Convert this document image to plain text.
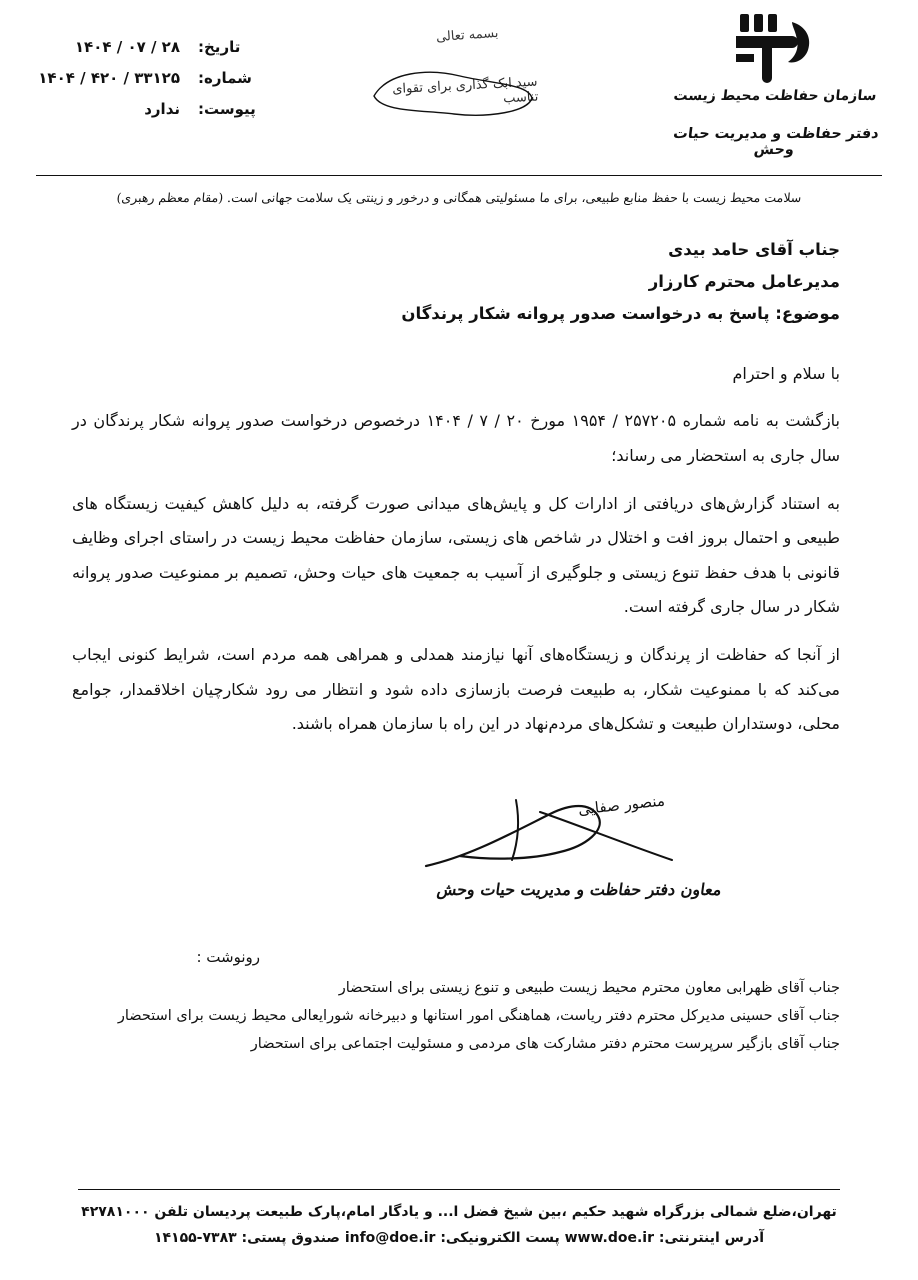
سازمان حفاظت محیط زیست
دفتر حفاظت و مدیریت حیات وحش
بسمه تعالی
سید ابک گذاری برای تقوای تناسب
تاریخ:
۱۴۰۴ / ۰۷ / ۲۸
شماره:
۱۴۰۴ / ۴۲۰ / ۳۳۱۲۵
پیوست:
ندارد
سلامت محیط زیست با حفظ منابع طبیعی، برای ما مسئولیتی همگانی و درخور و زینتی یک سلامت جهانی است. (مقام معظم رهبری)
جناب آقای حامد بیدی
مدیرعامل محترم کارزار
موضوع: پاسخ به درخواست صدور پروانه شکار پرندگان
با سلام و احترام
بازگشت به نامه شماره ۲۵۷۲۰۵ / ۱۹۵۴ مورخ ۲۰ / ۷ / ۱۴۰۴ درخصوص درخواست صدور پروانه شکار پرندگان در سال جاری به استحضار می رساند؛
به استناد گزارش‌های دریافتی از ادارات کل و پایش‌های میدانی صورت گرفته، به دلیل کاهش کیفیت زیستگاه های طبیعی و احتمال بروز افت و اختلال در شاخص های زیستی، سازمان حفاظت محیط زیست در راستای اجرای وظایف قانونی با هدف حفظ تنوع زیستی و جلوگیری از آسیب به جمعیت های حیات وحش، تصمیم بر ممنوعیت صدور پروانه شکار در سال جاری گرفته است.
از آنجا که حفاظت از پرندگان و زیستگاه‌های آنها نیازمند همدلی و همراهی همه مردم است، شرایط کنونی ایجاب می‌کند که با ممنوعیت شکار، به طبیعت فرصت بازسازی داده شود و انتظار می رود شکارچیان اخلاقمدار، جوامع محلی، دوستداران طبیعت و تشکل‌های مردم‌نهاد در این راه با سازمان همراه باشند.
منصور صفایی
معاون دفتر حفاظت و مدیریت حیات وحش
رونوشت :
جناب آقای ظهرابی معاون محترم محیط زیست طبیعی و تنوع زیستی برای استحضار
جناب آقای حسینی مدیرکل محترم دفتر ریاست، هماهنگی امور استانها و دبیرخانه شورایعالی محیط زیست برای استحضار
جناب آقای بازگیر سرپرست محترم دفتر مشارکت های مردمی و مسئولیت اجتماعی برای استحضار
تهران،ضلع شمالی بزرگراه شهید حکیم ،بین شیخ فضل ا... و یادگار امام،پارک طبیعت پردیسان تلفن ۴۲۷۸۱۰۰۰
آدرس اینترنتی: www.doe.ir پست الکترونیکی: info@doe.ir صندوق پستی: ۱۴۱۵۵-۷۳۸۳
